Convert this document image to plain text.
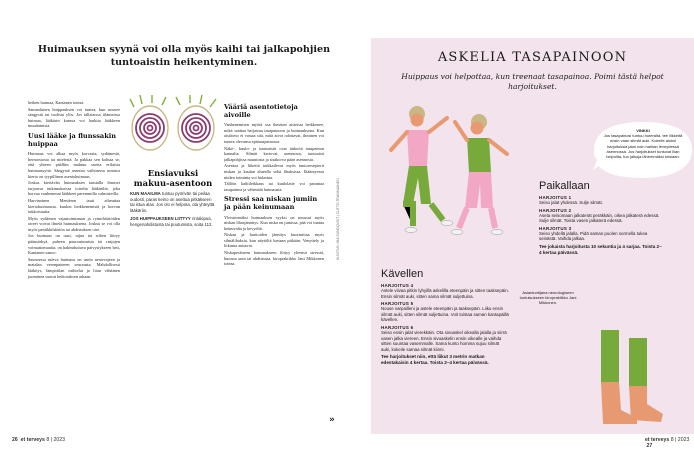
Huimauksen syynä voi olla myös kaihi tai jalkapohjien tuntoaistin heikentyminen.

hetken huimaa, Kantanen toteaa.

Samanlaisen huippauksen voi tuntea, kun nousee sängystä tai tuolista ylös. Jos tällaisissa tilanteissa huimaa, lääkärin kanssa voi harkita lääkkeen muuttamista.

Uusi lääke ja flunssakin huippaa

Huimaus voi alkaa myös korvasta, sydämestä, hermostosta tai mielestä. Ja pakkaa sen kohtaa se, että yhteen päälliin mahtuu useita erilaisia huimaussyitä. Sängystä asentoa vaihtaessa tuntuva kierto on tyypillinen asentohuimaus.

Joskus kiertävän huimauksen taustalla ihmiset tarjoavat tutkimuksessa toiselta lääkäriltä, joka korvaa vanhemmat lääkkeet paremmilla valmisteilla.

Harvinainen Menièren tauti aiheuttaa kiertohuimausta, kuulon heikkenemistä ja korvan tukkoisuutta.

Myös sydämen vajaatoiminnan ja rytmihäiriöiden oireet voivat ilmetä huimauksena. Joskus se voi olla myös paniikkihäiriön tai ahdistuksen oire.

Jos huimaus on uusi, rajua tai siihen liittyy päänsärkyä, puheen puuroutumista tai raajojen voimattomuutta, on hakeuduttava päivystykseen heti, Kantanen sanoo.

Saunoessa tuleva huimaus on usein nestevajeen ja matalan verenpaineen seurausta. Mahdollisesti lääkitys, lämpötilan vaihtelut ja liian vähäinen juominen saavat heikotuksen aikaan.

Ensiavuksi makuu-asentoon
KUN MAAILMA tuntuu pyörivän tai peilaa oudosti, paras keino on asettua pitkäkseen tai istua alas. Jos olo ei helpota, ota yhteyttä lääkäriin.
JOS HUIPPAUKSEEN LIITTYY rintakipua, hengenahdistusta tai puutumista, soita 112.
Vääriä asentotietoja aivoille

Vanhenemisen myötä osa ihmisen aisteista heikkenee, mikä saattaa heijastua tasapainoon ja huimauksena. Kun aistitieto ei vastaa sitä, mitä aivot odottavat, ihminen voi tuntea olevansa epätasapainossa.

Näkö-, kuulo- ja tuntoaistit ovat tärkeitä tasapainon kannalta. Silmät kertovat asennosta, tuntoaisti jalkapohjissa maastosta ja sisäkorva pään asennosta.

Asentoa ja liikettä tarkkailevat myös tuntoreseptorit niskan ja kaulan alueella sekä lihaksissa. Ikääntyessä niiden toiminta voi hidastua.

Tällöin kaihileikkaus tai kuulolaite voi parantaa tasapainoa ja vähentää huimausta.

Stressi saa niskan jumiin ja pään keinumaan

Yleisimmäksi huimauksen syyksi on noussut myös niskan lihasjännitys. Kun niska on jumissa, pää voi tuntua keinuvalta ja kevyeltä.

Niskan ja hartioiden jännitys kuormittaa myös silmälihaksia, kun näytöltä luetaan pitkään. Venyttely ja liikunta auttavat.

Niskaperäiseen huimaukseen liittyy yleensä stressiä, huonoa unta tai ahdistusta, kiropraktikko Jani Mikkonen toteaa.

KUVITUS: MIA SUNDQVIST | CUTTO TRANKAANEN
»
26 et terveys 8 | 2023
ASKELIA TASAPAINOON
Huippaus voi helpottaa, kun treenaat tasapainoa. Poimi tästä helpot harjoitukset.
VINKKI
Jos tasapainosi tuntuu huteralta, tee liikkeitä ensin vaan silmät auki. Kokeile aluksi harjoituksia jalat noin hartian leveydessä asennossa. Jos harjoitukset tuntuvat liian helpoilta, tuo jalkoja lähemmäksi toisiaan.
Paikallaan
HARJOITUS 1
Seiso jalat yhdessä. Sulje silmät.
HARJOITUS 2
Aseta seisomaan jalkaterät peräkkäin, oikea jalkaterä edessä. Sulje silmät. Toista vasen jalkaterä edessä.
HARJOITUS 3
Seiso yhdellä jalalla. Pidä saman puolen sormella tukea seinästä. Vaihda jalkaa.
Tee jokaista harjoitusta 10 sekuntia ja 4 sarjaa. Toista 2–4 kertaa päivässä.
Kävellen
HARJOITUS 4
Astele viivaa pitkin lyhyillä askelilla eteenpäin ja sitten taaksepäin. Ensin silmät auki, sitten sama silmät suljettuina.
HARJOITUS 5
Nouse varpailleni ja astele eteenpäin ja taaksepäin. Liiku ensin silmät auki, sitten silmät suljettuina. Voit toistaa saman kantapäillä kävellen.
HARJOITUS 6
Seiso ensin jalat vierekkäin. Ota sivuaskel oikealla jalalla ja siirrä vasen jalka viereen. Ensin sivuaskelin ensin oikealle ja vaihda sitten suuntaa vasemmalle. Sama kunto homma sujuu silmät auki, kokeile samaa silmät kiinni.
Tee harjoitukset niin, että liikut 3 metrin matkan edestakaisin 4 kertaa. Toista 2–4 kertaa päivässä.
Asiantuntijana neurologiseen tuntuisukseen kiropraktikko Jani Mikkonen.
et terveys 8 | 2023  27
